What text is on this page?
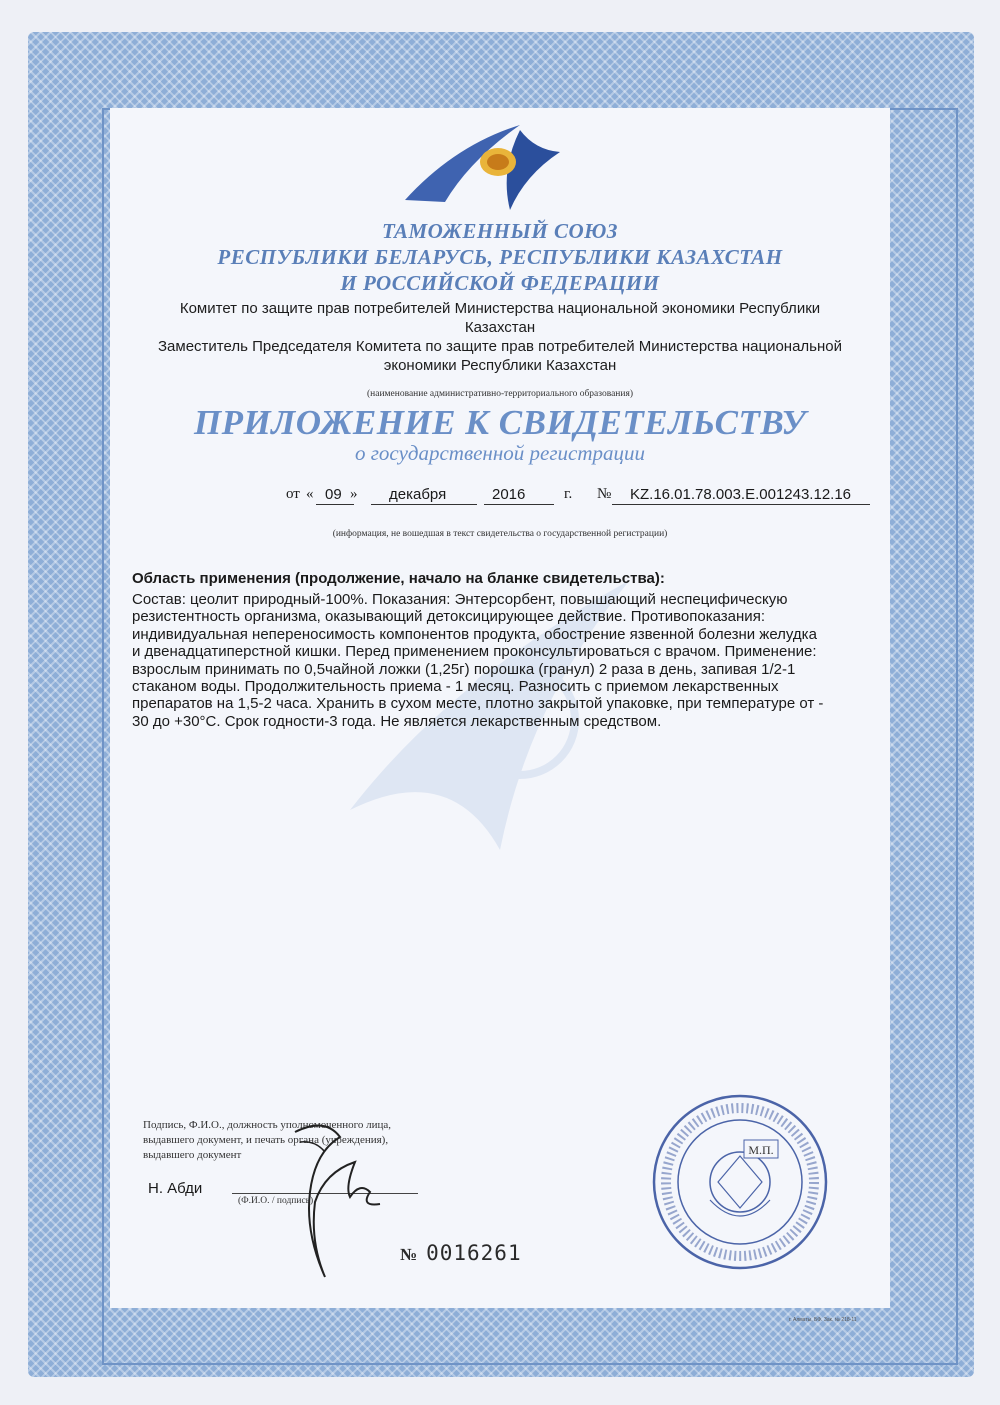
ТАМОЖЕННЫЙ СОЮЗ
РЕСПУБЛИКИ БЕЛАРУСЬ, РЕСПУБЛИКИ КАЗАХСТАН
И РОССИЙСКОЙ ФЕДЕРАЦИИ
Комитет по защите прав потребителей Министерства национальной экономики Республики
Казахстан
Заместитель Председателя Комитета по защите прав потребителей Министерства национальной
экономики Республики Казахстан
(наименование административно-территориального образования)
ПРИЛОЖЕНИЕ К СВИДЕТЕЛЬСТВУ
о государственной регистрации
от « 09 » декабря	2016	г. № KZ.16.01.78.003.E.001243.12.16
(информация, не вошедшая в текст свидетельства о государственной регистрации)
Область применения (продолжение, начало на бланке свидетельства):
Состав: цеолит природный-100%. Показания: Энтерсорбент, повышающий неспецифическую
резистентность организма, оказывающий детоксицирующее действие. Противопоказания:
индивидуальная непереносимость компонентов продукта, обострение язвенной болезни желудка
и двенадцатиперстной кишки. Перед применением проконсультироваться с врачом. Применение:
взрослым принимать по 0,5чайной ложки (1,25г) порошка (гранул) 2 раза в день, запивая 1/2-1
стаканом воды. Продолжительность приема - 1 месяц. Разносить с приемом лекарственных
препаратов на 1,5-2 часа. Хранить в сухом месте, плотно закрытой упаковке, при температуре от -
30 до +30°С. Срок годности-3 года. Не является лекарственным средством.
Подпись, Ф.И.О., должность уполномоченного лица,
выдавшего документ, и печать органа (учреждения),
выдавшего документ
Н. Абди
(Ф.И.О. / подпись)
№ 0016261
М.П.
г. Алматы, БФ. Зак. № 218-11
